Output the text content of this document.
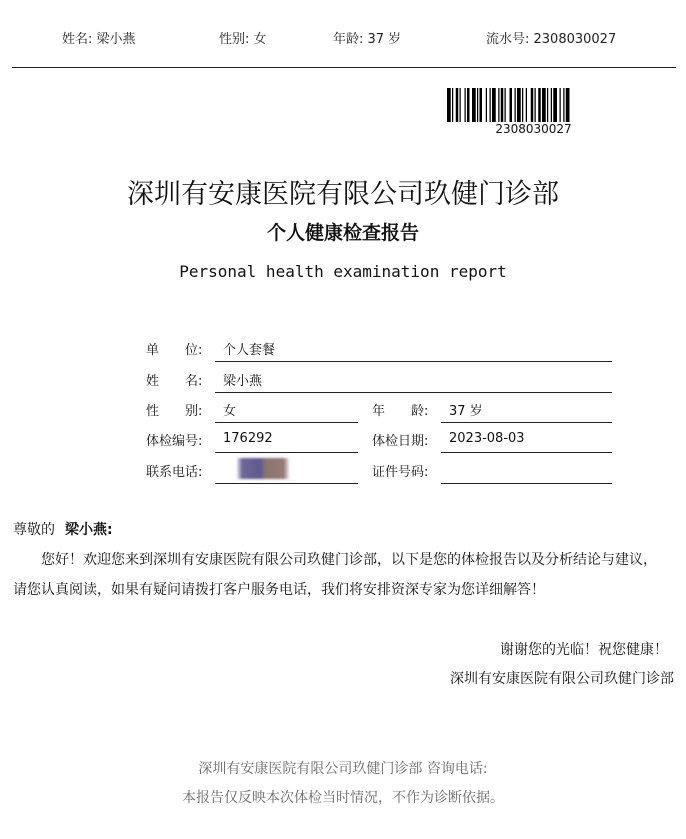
姓名: 梁小燕	性别: 女	年龄: 37 岁	流水号: 2308030027
2308030027
深圳有安康医院有限公司玖健门诊部
个人健康检查报告
Personal health examination report
单　　位: 个人套餐
姓　　名: 梁小燕
性　　别: 女	年　　龄: 37 岁
体检编号: 176292	体检日期: 2023-08-03
联系电话:	证件号码:
尊敬的 梁小燕:
您好！欢迎您来到深圳有安康医院有限公司玖健门诊部，以下是您的体检报告以及分析结论与建议，
请您认真阅读，如果有疑问请拨打客户服务电话，我们将安排资深专家为您详细解答！
谢谢您的光临！祝您健康！
深圳有安康医院有限公司玖健门诊部
深圳有安康医院有限公司玖健门诊部 咨询电话:
本报告仅反映本次体检当时情况，不作为诊断依据。
